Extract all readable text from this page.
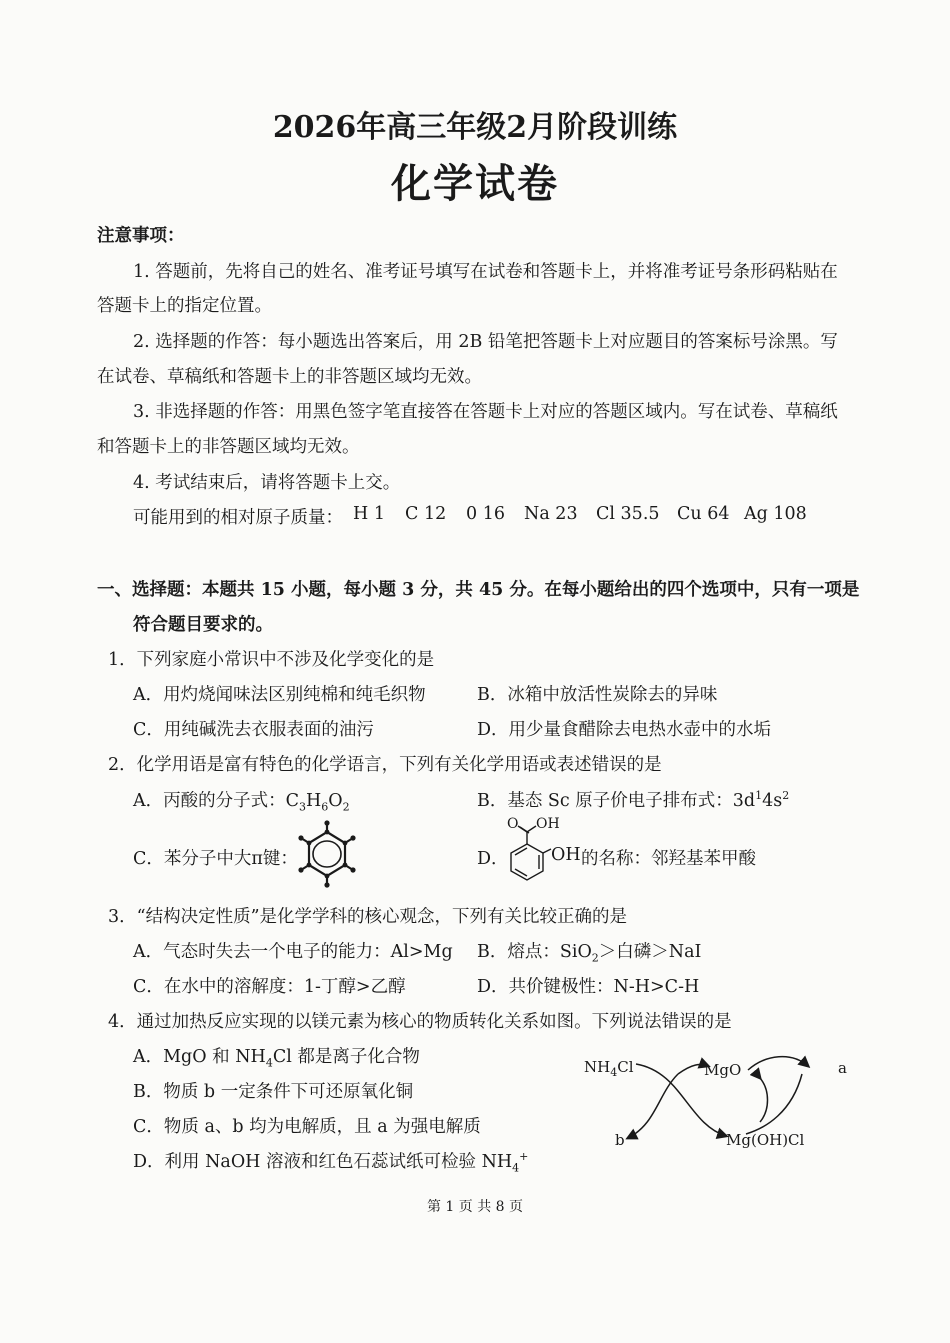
2026年高三年级2月阶段训练
化学试卷
注意事项：
1. 答题前，先将自己的姓名、准考证号填写在试卷和答题卡上，并将准考证号条形码粘贴在
答题卡上的指定位置。
2. 选择题的作答：每小题选出答案后，用 2B 铅笔把答题卡上对应题目的答案标号涂黑。写
在试卷、草稿纸和答题卡上的非答题区域均无效。
3. 非选择题的作答：用黑色签字笔直接答在答题卡上对应的答题区域内。写在试卷、草稿纸
和答题卡上的非答题区域均无效。
4. 考试结束后，请将答题卡上交。
可能用到的相对原子质量： H 1 C 12 0 16 Na 23 Cl 35.5 Cu 64 Ag 108
一、选择题：本题共 15 小题，每小题 3 分，共 45 分。在每小题给出的四个选项中，只有一项是
符合题目要求的。
1．下列家庭小常识中不涉及化学变化的是
A．用灼烧闻味法区别纯棉和纯毛织物	B．冰箱中放活性炭除去的异味
C．用纯碱洗去衣服表面的油污	D．用少量食醋除去电热水壶中的水垢
2．化学用语是富有特色的化学语言，下列有关化学用语或表述错误的是
A．丙酸的分子式：$C_3H_6O_2$	B．基态 Sc 原子价电子排布式：$3d^14s^2$
C．苯分子中大π键：	D．
O OH
OH 的名称：邻羟基苯甲酸
3．“结构决定性质”是化学学科的核心观念，下列有关比较正确的是
A．气态时失去一个电子的能力：Al>Mg B．熔点：SiO$_2$＞白磷＞NaI
C．在水中的溶解度：1-丁醇>乙醇	D．共价键极性：N-H>C-H
4．通过加热反应实现的以镁元素为核心的物质转化关系如图。下列说法错误的是
A．MgO 和 $NH_4Cl$ 都是离子化合物
B．物质 b 一定条件下可还原氧化铜
C．物质 a、b 均为电解质，且 a 为强电解质
D．利用 NaOH 溶液和红色石蕊试纸可检验 $NH_4^+$
$NH_4Cl$	MgO	a
b	Mg(OH)Cl
第 1 页 共 8 页
